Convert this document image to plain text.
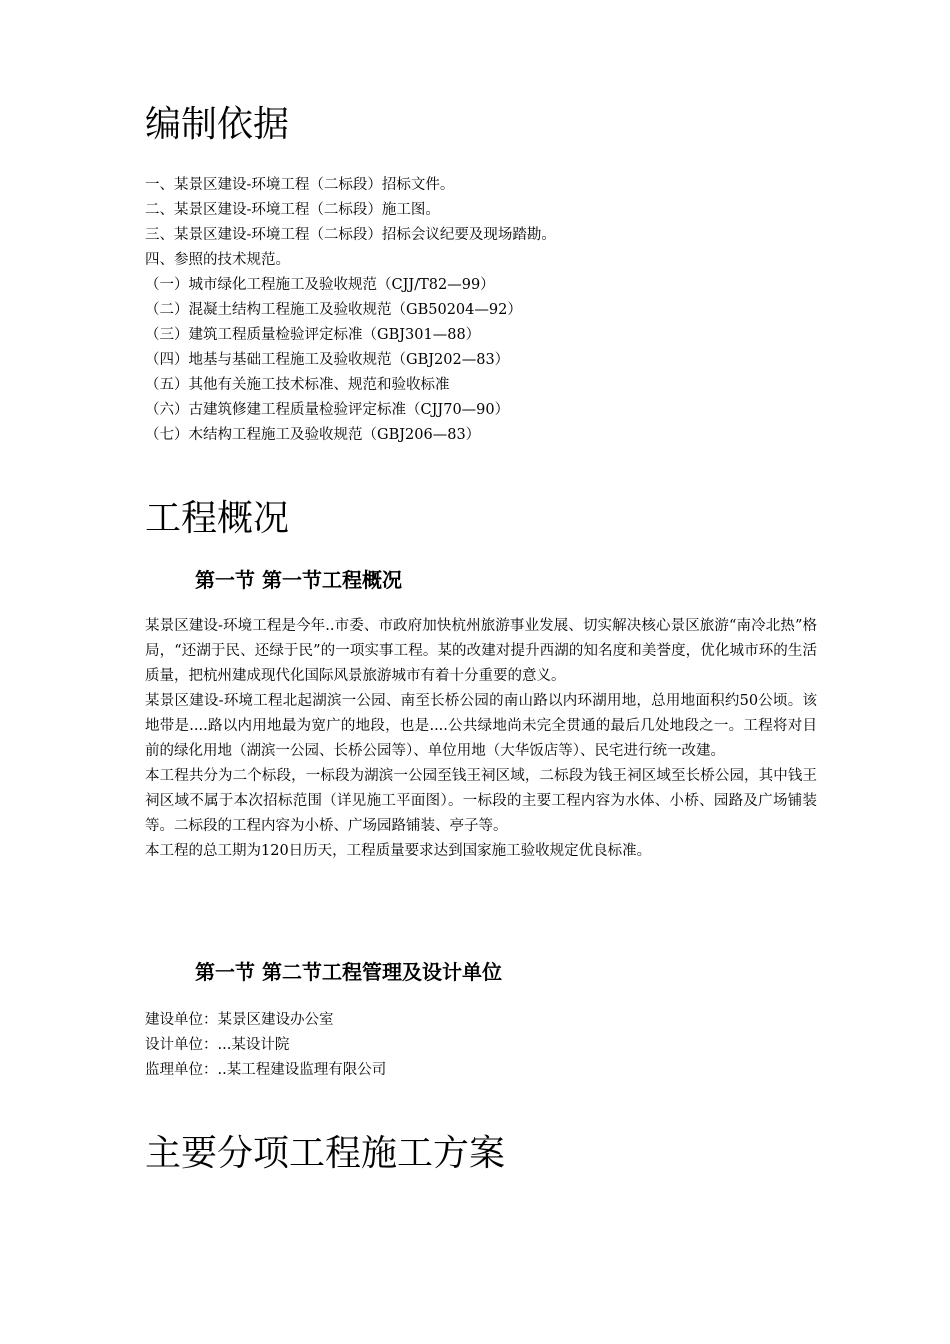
编制依据
一、某景区建设-环境工程（二标段）招标文件。
二、某景区建设-环境工程（二标段）施工图。
三、某景区建设-环境工程（二标段）招标会议纪要及现场踏勘。
四、参照的技术规范。
（一）城市绿化工程施工及验收规范（CJJ/T82—99）
（二）混凝土结构工程施工及验收规范（GB50204—92）
（三）建筑工程质量检验评定标准（GBJ301—88）
（四）地基与基础工程施工及验收规范（GBJ202—83）
（五）其他有关施工技术标准、规范和验收标准
（六）古建筑修建工程质量检验评定标准（CJJ70—90）
（七）木结构工程施工及验收规范（GBJ206—83）
工程概况
第一节 第一节工程概况

某景区建设-环境工程是今年..市委、市政府加快杭州旅游事业发展、切实解决核心景区旅游“南冷北热”格局，“还湖于民、还绿于民”的一项实事工程。某的改建对提升西湖的知名度和美誉度，优化城市环的生活质量，把杭州建成现代化国际风景旅游城市有着十分重要的意义。

某景区建设-环境工程北起湖滨一公园、南至长桥公园的南山路以内环湖用地，总用地面积约50公顷。该地带是....路以内用地最为宽广的地段，也是....公共绿地尚未完全贯通的最后几处地段之一。工程将对目前的绿化用地（湖滨一公园、长桥公园等）、单位用地（大华饭店等）、民宅进行统一改建。

本工程共分为二个标段，一标段为湖滨一公园至钱王祠区域，二标段为钱王祠区域至长桥公园，其中钱王祠区域不属于本次招标范围（详见施工平面图）。一标段的主要工程内容为水体、小桥、园路及广场铺装等。二标段的工程内容为小桥、广场园路铺装、亭子等。

本工程的总工期为120日历天，工程质量要求达到国家施工验收规定优良标准。

第一节 第二节工程管理及设计单位
建设单位：某景区建设办公室
设计单位：...某设计院
监理单位：..某工程建设监理有限公司
主要分项工程施工方案
